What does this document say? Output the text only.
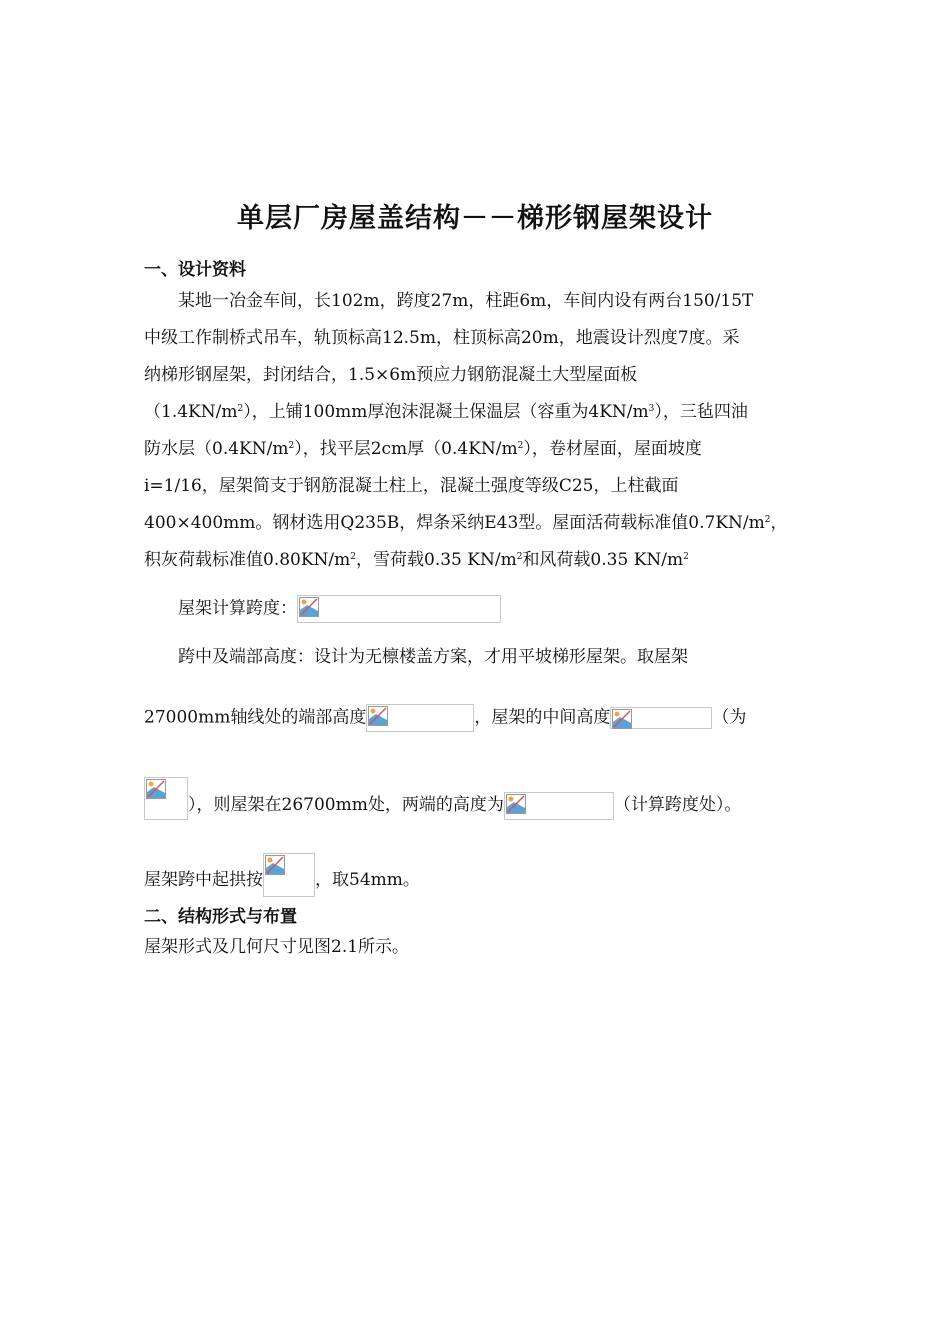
单层厂房屋盖结构－－梯形钢屋架设计
一、设计资料
某地一冶金车间，长102m，跨度27m，柱距6m，车间内设有两台150/15T
中级工作制桥式吊车，轨顶标高12.5m，柱顶标高20m，地震设计烈度7度。采
纳梯形钢屋架，封闭结合，1.5×6m预应力钢筋混凝土大型屋面板
$(1.4KN/m^2)$，上铺100mm厚泡沫混凝土保温层（容重为$4KN/m^3$），三毡四油
防水层$(0.4KN/m^2)$，找平层2cm厚$(0.4KN/m^2)$，卷材屋面，屋面坡度
i=1/16，屋架简支于钢筋混凝土柱上，混凝土强度等级C25，上柱截面
400×400mm。钢材选用Q235B，焊条采纳E43型。屋面活荷载标准值$0.7KN/m^2$，
积灰荷载标准值$0.80KN/m^2$，雪荷载0.35 $KN/m^2$和风荷载0.35 $KN/m^2$
屋架计算跨度：
跨中及端部高度：设计为无檩楼盖方案，才用平坡梯形屋架。取屋架
27000mm轴线处的端部高度	，屋架的中间高度	（为
），则屋架在26700mm处，两端的高度为	（计算跨度处）。
屋架跨中起拱按	，取54mm。
二、结构形式与布置
屋架形式及几何尺寸见图2.1所示。
